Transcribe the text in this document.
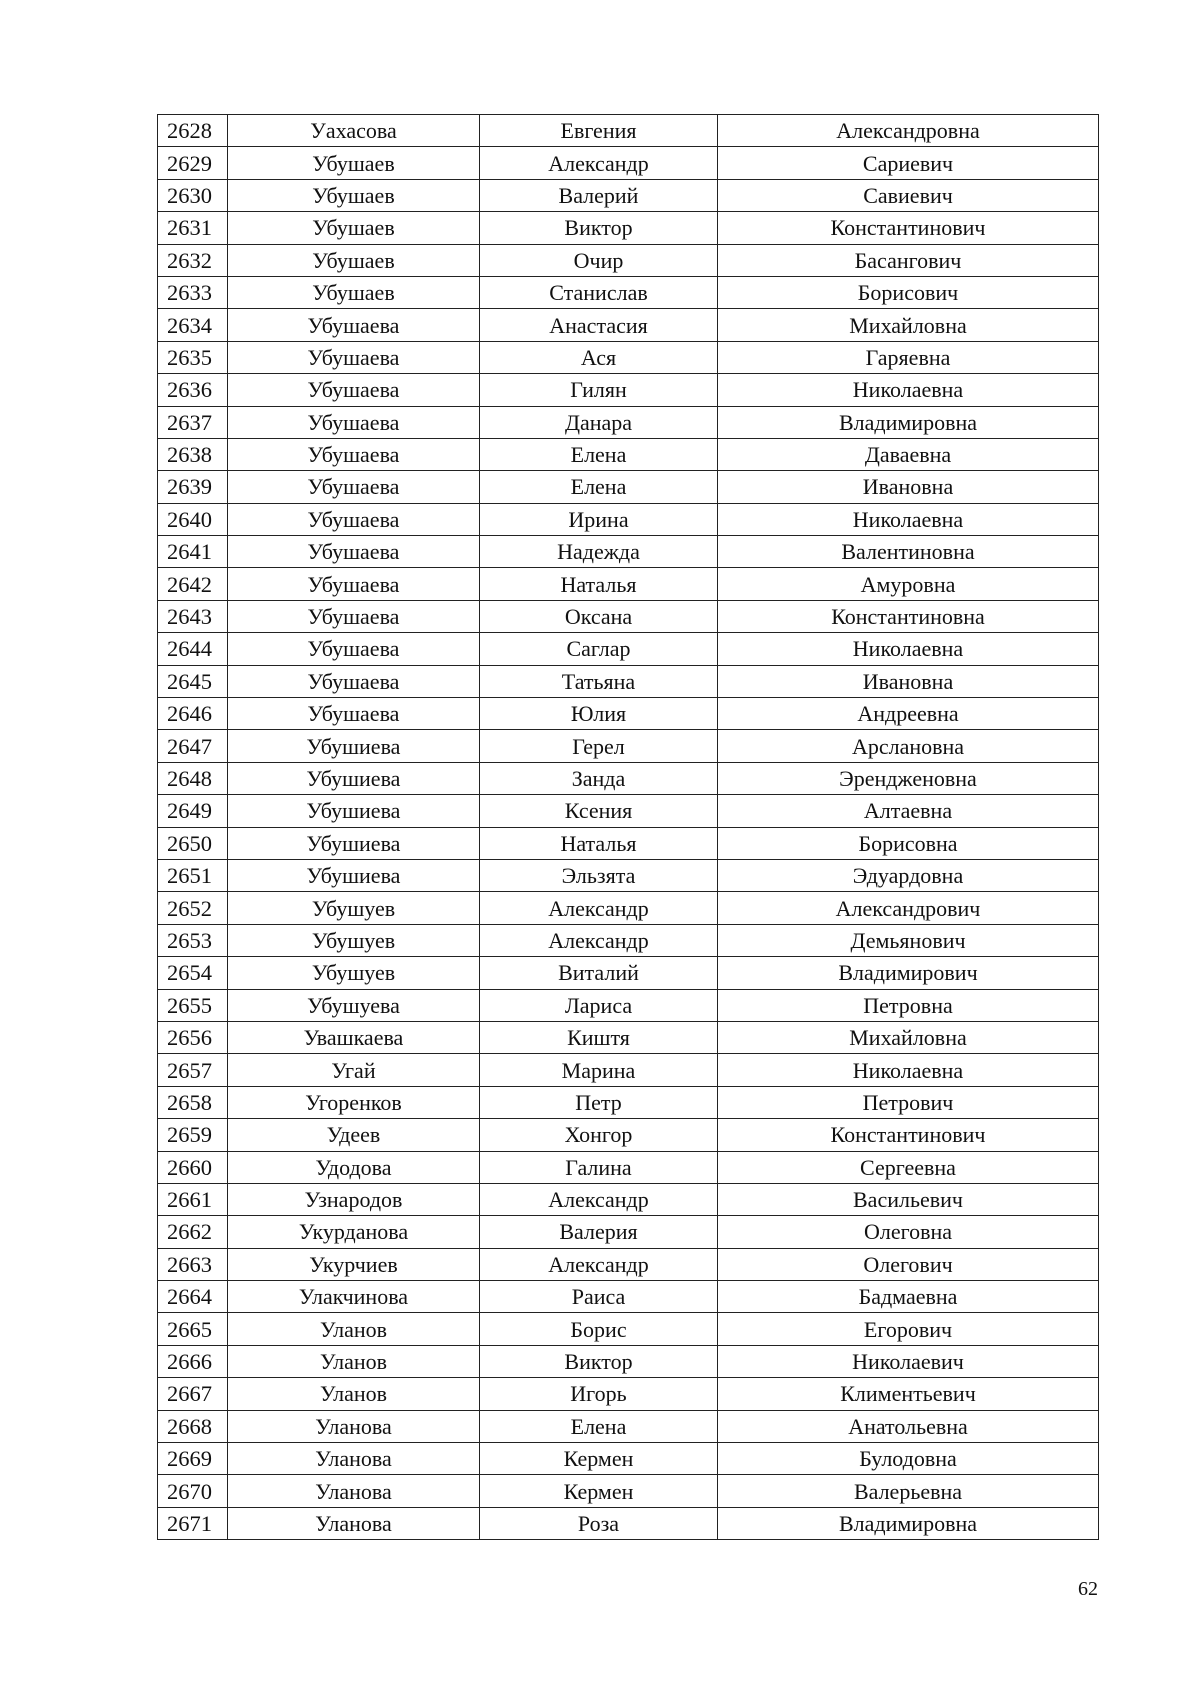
2628	Уахасова	Евгения	Александровна
2629	Убушаев	Александр	Сариевич
2630	Убушаев	Валерий	Савиевич
2631	Убушаев	Виктор	Константинович
2632	Убушаев	Очир	Басангович
2633	Убушаев	Станислав	Борисович
2634	Убушаева	Анастасия	Михайловна
2635	Убушаева	Ася	Гаряевна
2636	Убушаева	Гилян	Николаевна
2637	Убушаева	Данара	Владимировна
2638	Убушаева	Елена	Даваевна
2639	Убушаева	Елена	Ивановна
2640	Убушаева	Ирина	Николаевна
2641	Убушаева	Надежда	Валентиновна
2642	Убушаева	Наталья	Амуровна
2643	Убушаева	Оксана	Константиновна
2644	Убушаева	Саглар	Николаевна
2645	Убушаева	Татьяна	Ивановна
2646	Убушаева	Юлия	Андреевна
2647	Убушиева	Герел	Арслановна
2648	Убушиева	Занда	Эрендженовна
2649	Убушиева	Ксения	Алтаевна
2650	Убушиева	Наталья	Борисовна
2651	Убушиева	Эльзята	Эдуардовна
2652	Убушуев	Александр	Александрович
2653	Убушуев	Александр	Демьянович
2654	Убушуев	Виталий	Владимирович
2655	Убушуева	Лариса	Петровна
2656	Увашкаева	Киштя	Михайловна
2657	Угай	Марина	Николаевна
2658	Угоренков	Петр	Петрович
2659	Удеев	Хонгор	Константинович
2660	Удодова	Галина	Сергеевна
2661	Узнародов	Александр	Васильевич
2662	Укурданова	Валерия	Олеговна
2663	Укурчиев	Александр	Олегович
2664	Улакчинова	Раиса	Бадмаевна
2665	Уланов	Борис	Егорович
2666	Уланов	Виктор	Николаевич
2667	Уланов	Игорь	Климентьевич
2668	Уланова	Елена	Анатольевна
2669	Уланова	Кермен	Булодовна
2670	Уланова	Кермен	Валерьевна
2671	Уланова	Роза	Владимировна
62
